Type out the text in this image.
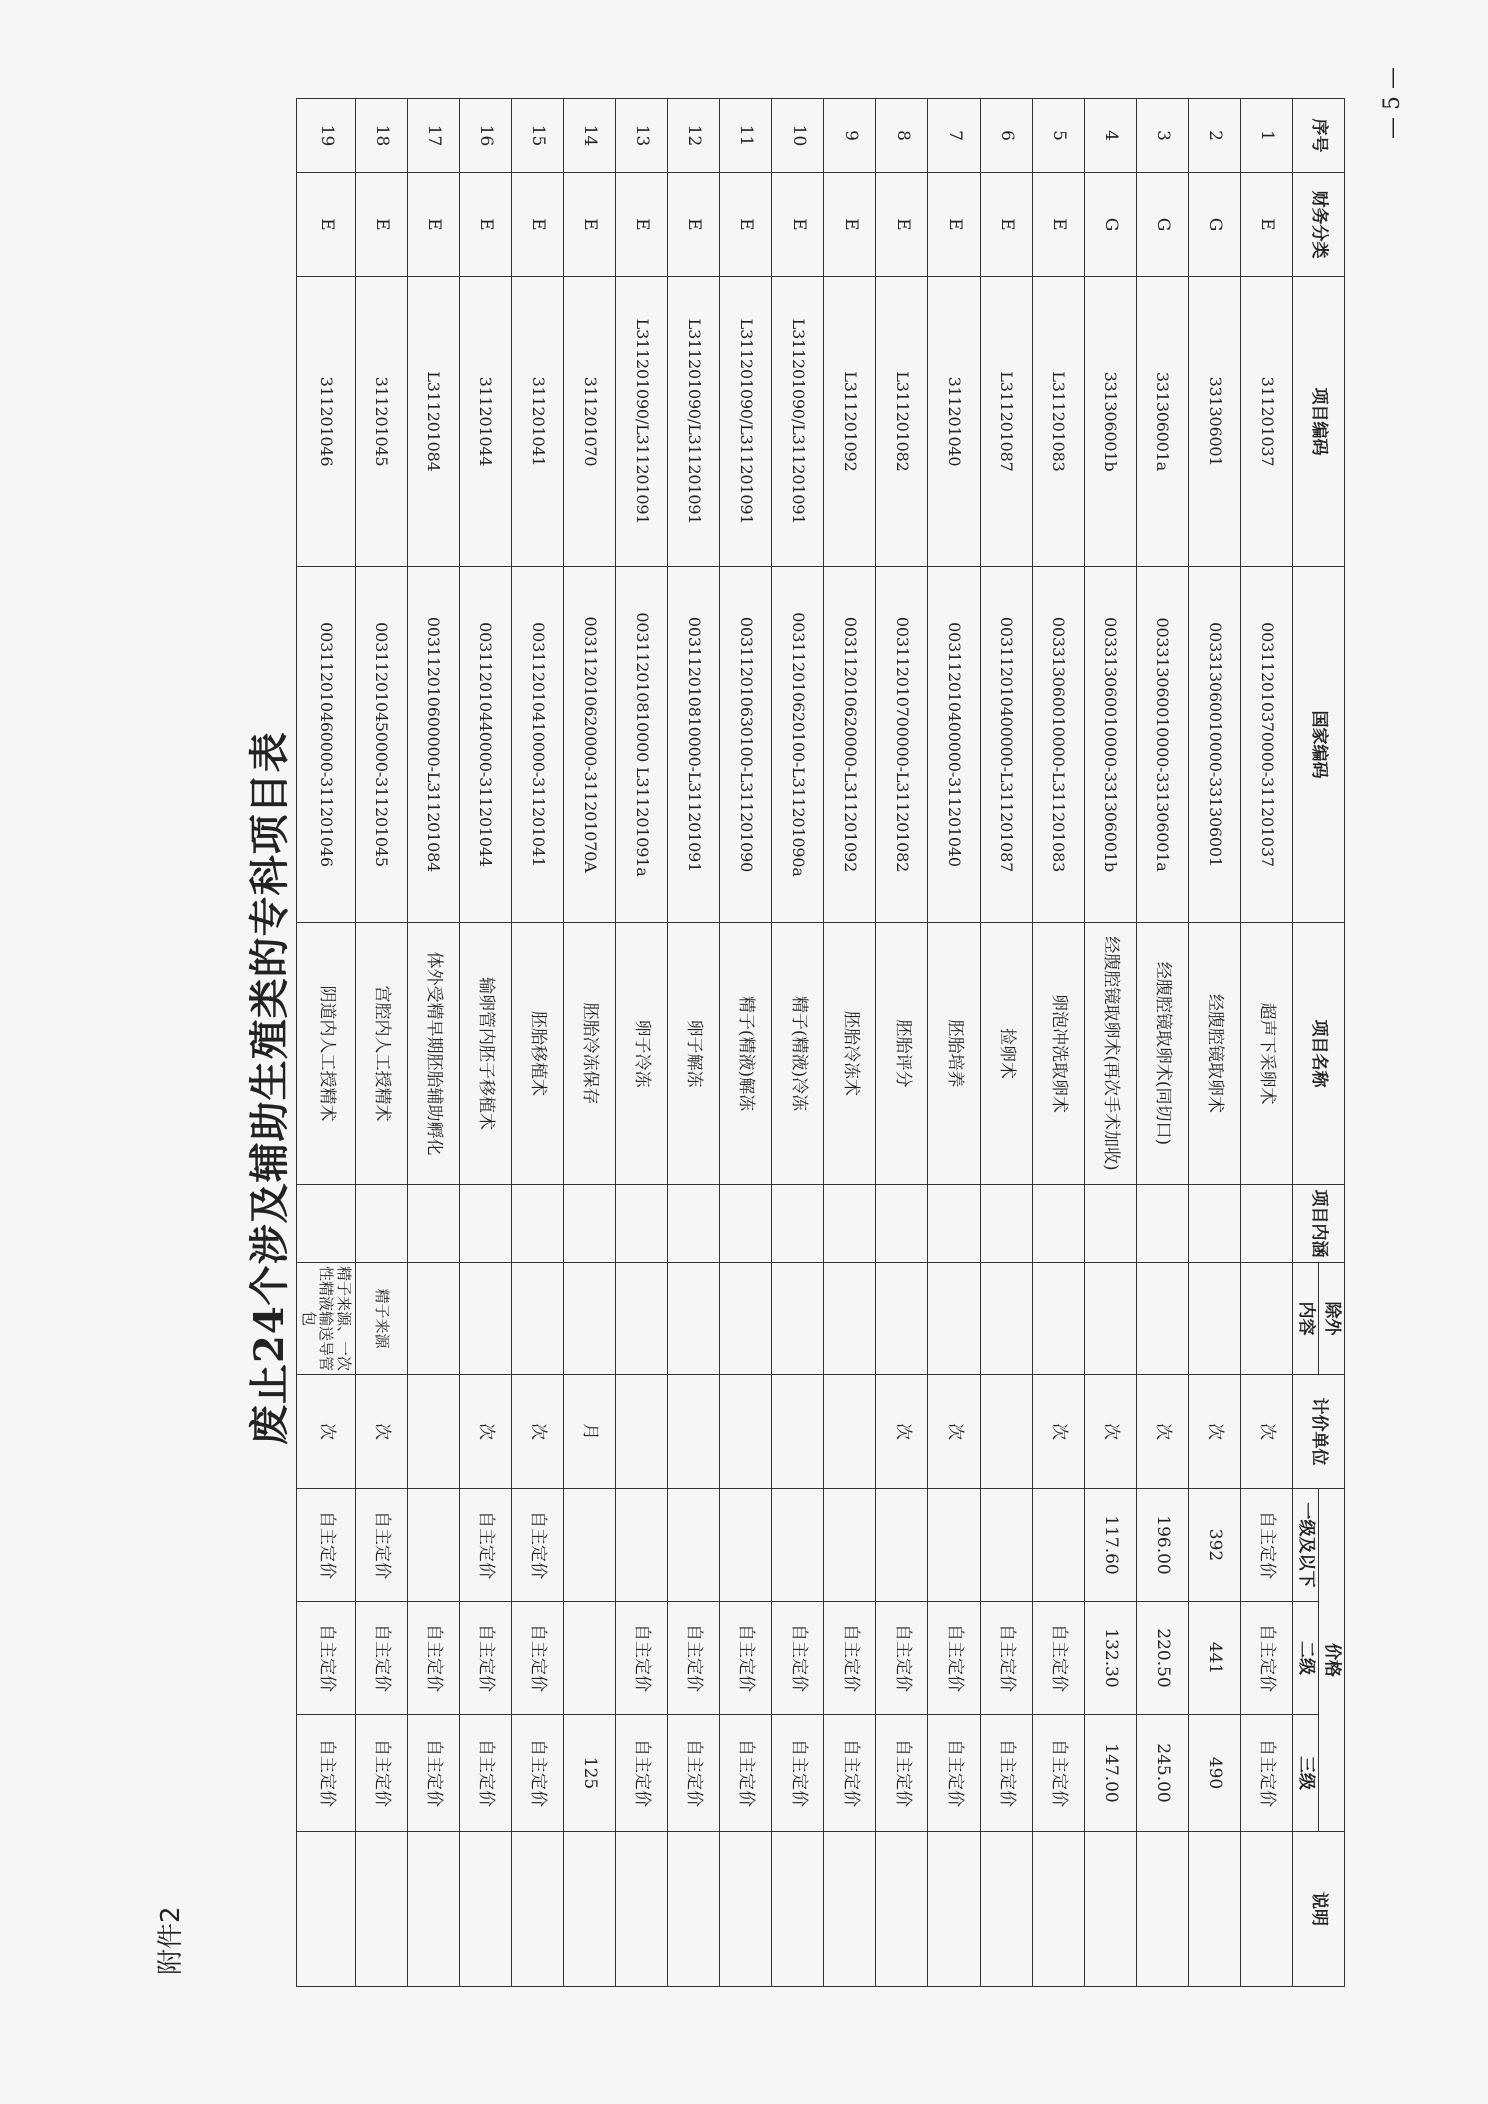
附件2
废止24个涉及辅助生殖类的专科项目表
— 5 —
序号	财务分类	项目编码	国家编码	项目名称	项目内涵	除外	计价单位	价格			说明
						内容		一级及以下	二级	三级	

1	E	311201037	003112010370000-311201037	超声下采卵术			次	自主定价	自主定价	自主定价	
2	G	331306001	003313060010000-331306001	经腹腔镜取卵术			次	392	441	490	
3	G	331306001a	003313060010000-331306001a	经腹腔镜取卵术(同切口)			次	196.00	220.50	245.00	
4	G	331306001b	003313060010000-331306001b	经腹腔镜取卵术(再次手术加收)			次	117.60	132.30	147.00	
5	E	L311201083	003313060010000-L311201083	卵泡冲洗取卵术			次		自主定价	自主定价	
6	E	L311201087	003112010400000-L311201087	捡卵术					自主定价	自主定价	
7	E	311201040	003112010400000-311201040	胚胎培养			次		自主定价	自主定价	
8	E	L311201082	003112010700000-L311201082	胚胎评分			次		自主定价	自主定价	
9	E	L311201092	003112010620000-L311201092	胚胎冷冻术					自主定价	自主定价	
10	E	L311201090/L311201091	003112010620100-L311201090a	精子(精液)冷冻					自主定价	自主定价	
11	E	L311201090/L311201091	003112010630100-L311201090	精子(精液)解冻					自主定价	自主定价	
12	E	L311201090/L311201091	003112010810000-L311201091	卵子解冻					自主定价	自主定价	
13	E	L311201090/L311201091	003112010810000 L311201091a	卵子冷冻					自主定价	自主定价	
14	E	311201070	003112010620000-311201070A	胚胎冷冻保存			月			125	
15	E	311201041	003112010410000-311201041	胚胎移植术			次	自主定价	自主定价	自主定价	
16	E	311201044	003112010440000-311201044	输卵管内胚子移植术			次	自主定价	自主定价	自主定价	
17	E	L311201084	003112010600000-L311201084	体外受精早期胚胎辅助孵化					自主定价	自主定价	
18	E	311201045	003112010450000-311201045	宫腔内人工授精术		精子来源	次	自主定价	自主定价	自主定价	
19	E	311201046	003112010460000-311201046	阴道内人工授精术		精子来源、一次性精液输送导管包	次	自主定价	自主定价	自主定价	
